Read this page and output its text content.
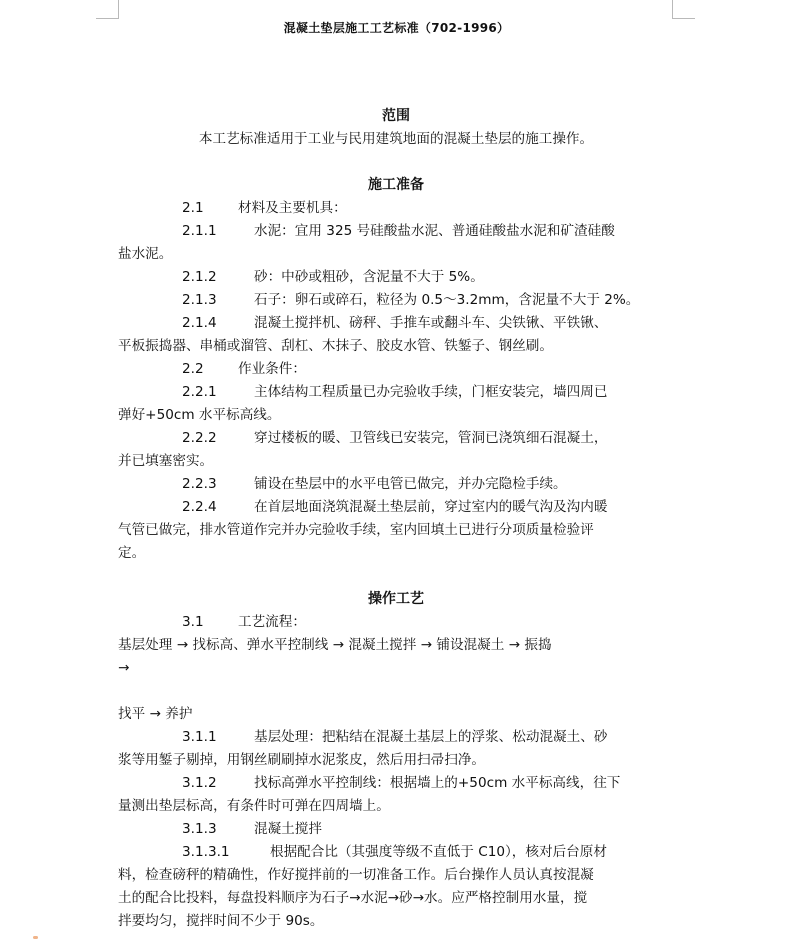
混凝土垫层施工工艺标准（702-1996）
范围
本工艺标准适用于工业与民用建筑地面的混凝土垫层的施工操作。
施工准备
2.1	材料及主要机具：
2.1.1	水泥：宜用 325 号硅酸盐水泥、普通硅酸盐水泥和矿渣硅酸
盐水泥。
2.1.2	砂：中砂或粗砂，含泥量不大于 5%。
2.1.3	石子：卵石或碎石，粒径为 0.5～3.2mm，含泥量不大于 2%。
2.1.4	混凝土搅拌机、磅秤、手推车或翻斗车、尖铁锹、平铁锹、
平板振捣器、串桶或溜管、刮杠、木抹子、胶皮水管、铁錾子、钢丝刷。
2.2	作业条件：
2.2.1	主体结构工程质量已办完验收手续，门框安装完，墙四周已
弹好+50cm 水平标高线。
2.2.2	穿过楼板的暖、卫管线已安装完，管洞已浇筑细石混凝土，
并已填塞密实。
2.2.3	铺设在垫层中的水平电管已做完，并办完隐检手续。
2.2.4	在首层地面浇筑混凝土垫层前，穿过室内的暖气沟及沟内暖
气管已做完，排水管道作完并办完验收手续，室内回填土已进行分项质量检验评
定。
操作工艺
3.1	工艺流程：
基层处理 → 找标高、弹水平控制线 → 混凝土搅拌 → 铺设混凝土 → 振捣
→
找平 → 养护
3.1.1	基层处理：把粘结在混凝土基层上的浮浆、松动混凝土、砂
浆等用錾子剔掉，用钢丝刷刷掉水泥浆皮，然后用扫帚扫净。
3.1.2	找标高弹水平控制线：根据墙上的+50cm 水平标高线，往下
量测出垫层标高，有条件时可弹在四周墙上。
3.1.3	混凝土搅拌
3.1.3.1	根据配合比（其强度等级不直低于 C10），核对后台原材
料，检查磅秤的精确性，作好搅拌前的一切准备工作。后台操作人员认真按混凝
土的配合比投料，每盘投料顺序为石子→水泥→砂→水。应严格控制用水量，搅
拌要均匀，搅拌时间不少于 90s。
